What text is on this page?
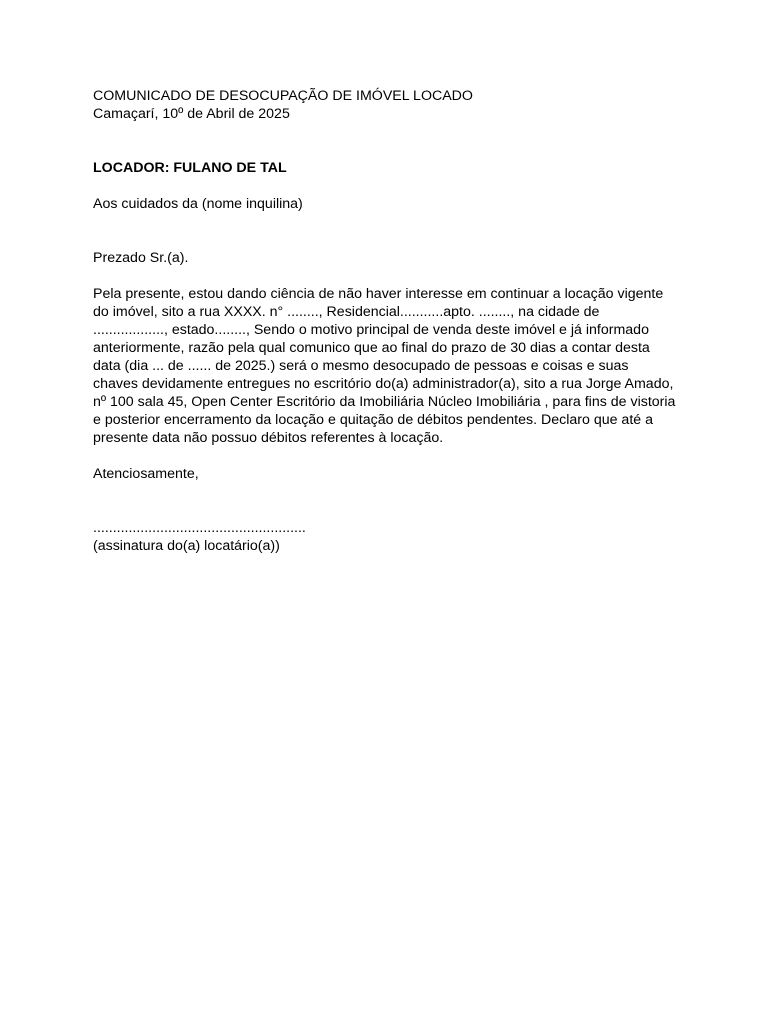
COMUNICADO DE DESOCUPAÇÃO DE IMÓVEL LOCADO
Camaçarí, 10º de Abril de 2025
LOCADOR: FULANO DE TAL
Aos cuidados da (nome inquilina)
Prezado Sr.(a).
Pela presente, estou dando ciência de não haver interesse em continuar a locação vigente
do imóvel, sito a rua XXXX. n° ........, Residencial...........apto. ........, na cidade de
.................., estado........, Sendo o motivo principal de venda deste imóvel e já informado
anteriormente, razão pela qual comunico que ao final do prazo de 30 dias a contar desta
data (dia ... de ...... de 2025.) será o mesmo desocupado de pessoas e coisas e suas
chaves devidamente entregues no escritório do(a) administrador(a), sito a rua Jorge Amado,
nº 100 sala 45, Open Center Escritório da Imobiliária Núcleo Imobiliária , para fins de vistoria
e posterior encerramento da locação e quitação de débitos pendentes. Declaro que até a
presente data não possuo débitos referentes à locação.
Atenciosamente,
......................................................
(assinatura do(a) locatário(a))
